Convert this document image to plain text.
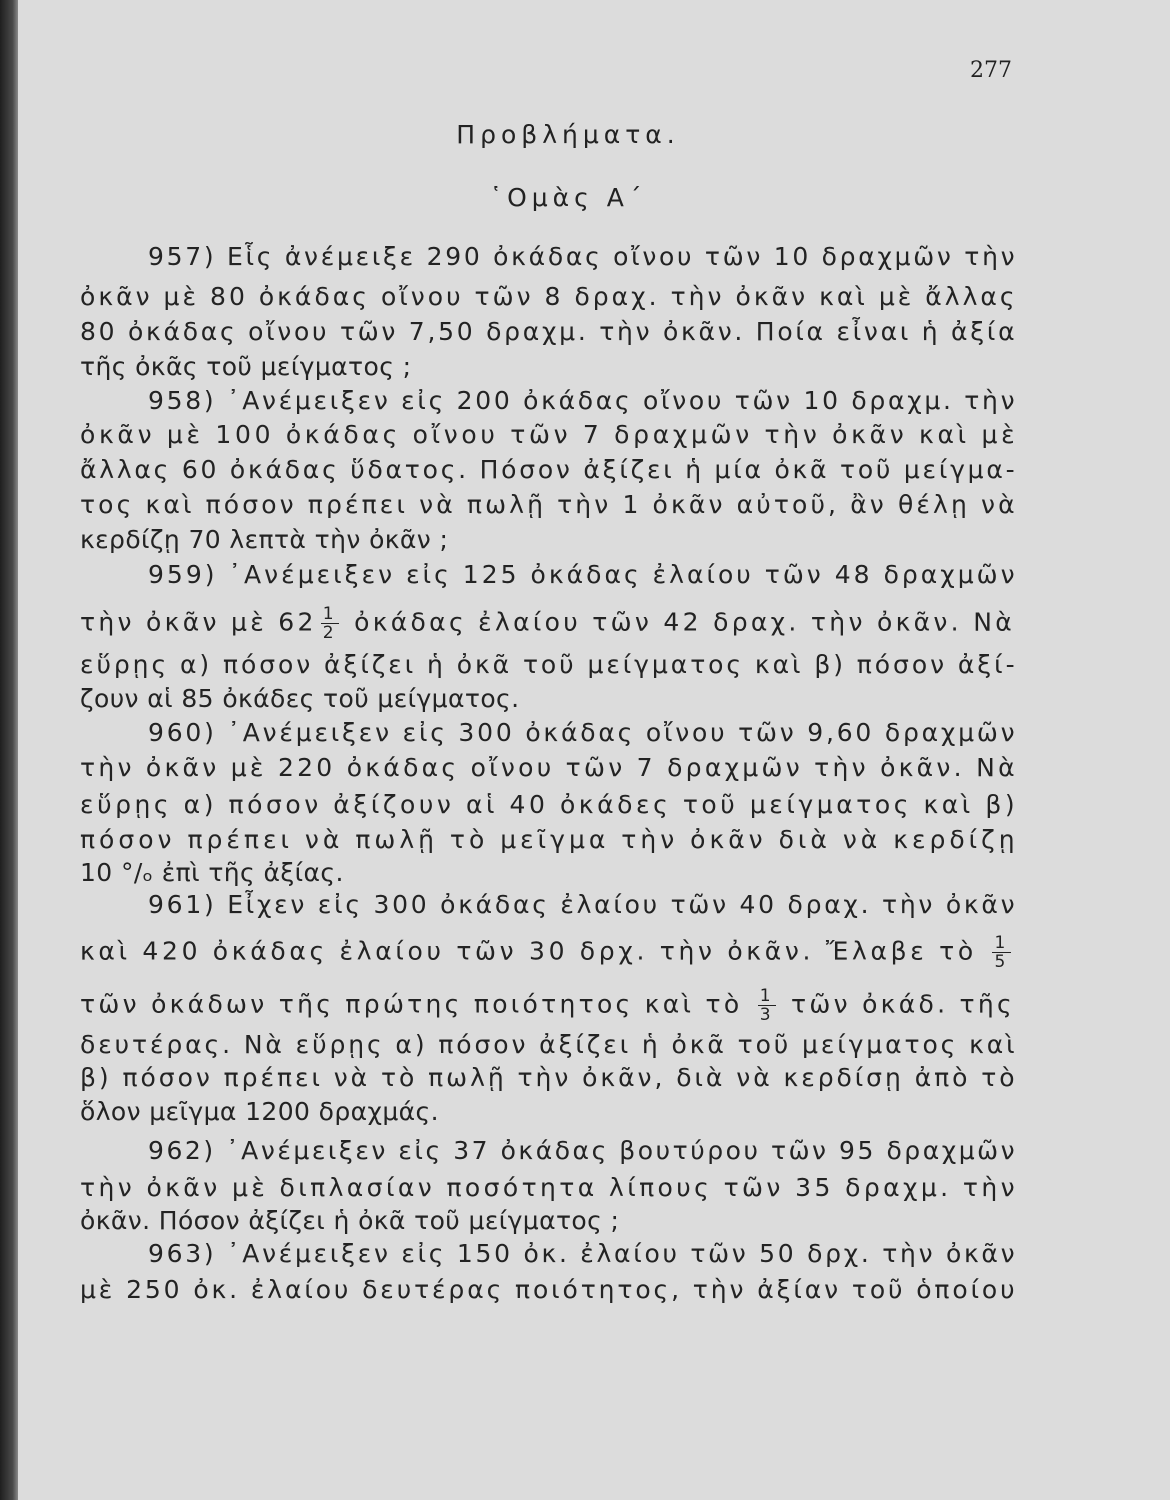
277
Προβλήματα.
῾Ομὰς Α΄
957) Εἷς ἀνέμειξε 290 ὀκάδας οἴνου τῶν 10 δραχμῶν τὴν
ὀκᾶν μὲ 80 ὀκάδας οἴνου τῶν 8 δραχ. τὴν ὀκᾶν καὶ μὲ ἄλλας
80 ὀκάδας οἴνου τῶν 7,50 δραχμ. τὴν ὀκᾶν. Ποία εἶναι ἡ ἀξία
τῆς ὀκᾶς τοῦ μείγματος ;
958) ᾿Ανέμειξεν εἰς 200 ὀκάδας οἴνου τῶν 10 δραχμ. τὴν
ὀκᾶν μὲ 100 ὀκάδας οἴνου τῶν 7 δραχμῶν τὴν ὀκᾶν καὶ μὲ
ἄλλας 60 ὀκάδας ὕδατος. Πόσον ἀξίζει ἡ μία ὀκᾶ τοῦ μείγμα-
τος καὶ πόσον πρέπει νὰ πωλῇ τὴν 1 ὀκᾶν αὐτοῦ, ἂν θέλῃ νὰ
κερδίζῃ 70 λεπτὰ τὴν ὀκᾶν ;
959) ᾿Ανέμειξεν εἰς 125 ὀκάδας ἐλαίου τῶν 48 δραχμῶν
τὴν ὀκᾶν μὲ $62 \frac{1}{2}$ ὀκάδας ἐλαίου τῶν 42 δραχ. τὴν ὀκᾶν. Νὰ
εὕρῃς α) πόσον ἀξίζει ἡ ὀκᾶ τοῦ μείγματος καὶ β) πόσον ἀξί-
ζουν αἱ 85 ὀκάδες τοῦ μείγματος.
960) ᾿Ανέμειξεν εἰς 300 ὀκάδας οἴνου τῶν 9,60 δραχμῶν
τὴν ὀκᾶν μὲ 220 ὀκάδας οἴνου τῶν 7 δραχμῶν τὴν ὀκᾶν. Νὰ
εὕρῃς α) πόσον ἀξίζουν αἱ 40 ὀκάδες τοῦ μείγματος καὶ β)
πόσον πρέπει νὰ πωλῇ τὸ μεῖγμα τὴν ὀκᾶν διὰ νὰ κερδίζῃ
10 °/ₒ ἐπὶ τῆς ἀξίας.
961) Εἶχεν εἰς 300 ὀκάδας ἐλαίου τῶν 40 δραχ. τὴν ὀκᾶν
καὶ 420 ὀκάδας ἐλαίου τῶν 30 δρχ. τὴν ὀκᾶν. Ἔλαβε τὸ $\frac{1}{5}$
τῶν ὀκάδων τῆς πρώτης ποιότητος καὶ τὸ $\frac{1}{3}$ τῶν ὀκάδ. τῆς
δευτέρας. Νὰ εὕρῃς α) πόσον ἀξίζει ἡ ὀκᾶ τοῦ μείγματος καὶ
β) πόσον πρέπει νὰ τὸ πωλῇ τὴν ὀκᾶν, διὰ νὰ κερδίσῃ ἀπὸ τὸ
ὅλον μεῖγμα 1200 δραχμάς.
962) ᾿Ανέμειξεν εἰς 37 ὀκάδας βουτύρου τῶν 95 δραχμῶν
τὴν ὀκᾶν μὲ διπλασίαν ποσότητα λίπους τῶν 35 δραχμ. τὴν
ὀκᾶν. Πόσον ἀξίζει ἡ ὀκᾶ τοῦ μείγματος ;
963) ᾿Ανέμειξεν εἰς 150 ὀκ. ἐλαίου τῶν 50 δρχ. τὴν ὀκᾶν
μὲ 250 ὀκ. ἐλαίου δευτέρας ποιότητος, τὴν ἀξίαν τοῦ ὁποίου
